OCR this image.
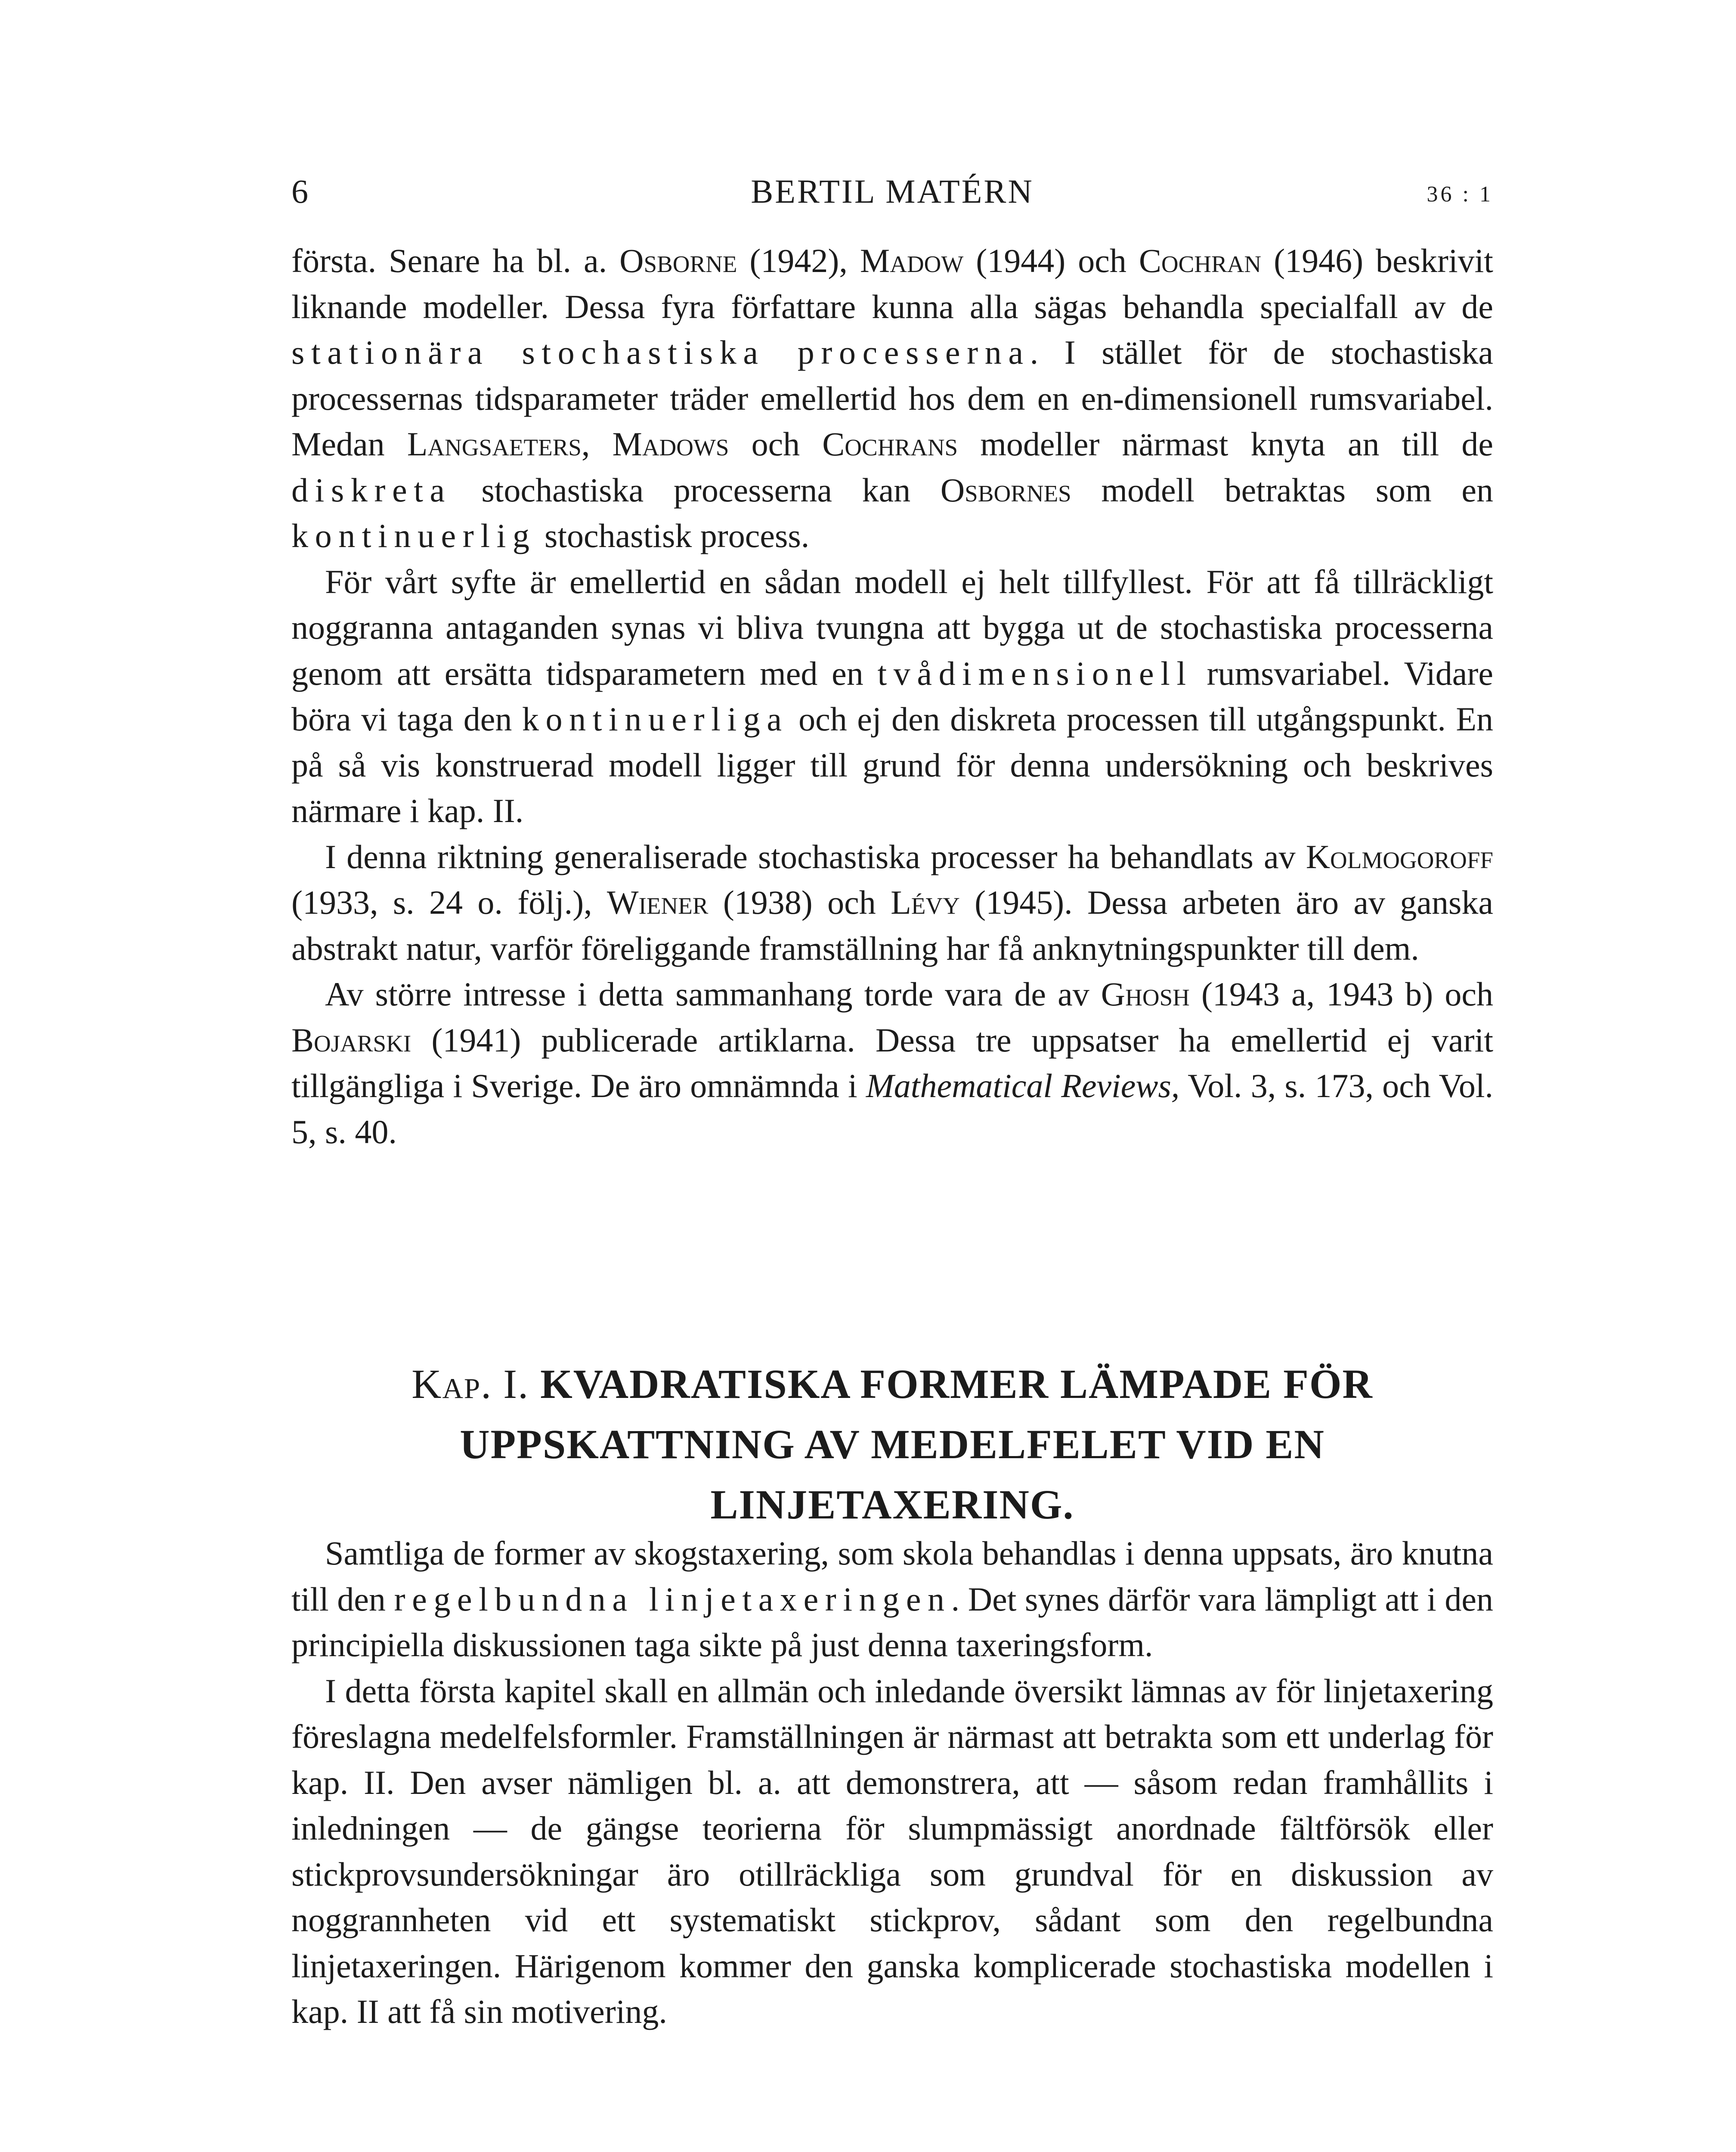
6	BERTIL MATÉRN	36 : 1

första. Senare ha bl. a. Osborne (1942), Madow (1944) och Cochran (1946) beskrivit liknande modeller. Dessa fyra författare kunna alla sägas behandla specialfall av de stationära stochastiska processerna. I stället för de stochastiska processernas tidsparameter träder emellertid hos dem en en-dimensionell rumsvariabel. Medan Langsaeters, Madows och Cochrans modeller närmast knyta an till de diskreta stochastiska processerna kan Osbornes modell betraktas som en kontinuerlig stochastisk process.

För vårt syfte är emellertid en sådan modell ej helt tillfyllest. För att få tillräckligt noggranna antaganden synas vi bliva tvungna att bygga ut de stochastiska processerna genom att ersätta tidsparametern med en tvådimensionell rumsvariabel. Vidare böra vi taga den kontinuerliga och ej den diskreta processen till utgångspunkt. En på så vis konstruerad modell ligger till grund för denna undersökning och beskrives närmare i kap. II.

I denna riktning generaliserade stochastiska processer ha behandlats av Kolmogoroff (1933, s. 24 o. följ.), Wiener (1938) och Lévy (1945). Dessa arbeten äro av ganska abstrakt natur, varför föreliggande framställning har få anknytningspunkter till dem.

Av större intresse i detta sammanhang torde vara de av Ghosh (1943 a, 1943 b) och Bojarski (1941) publicerade artiklarna. Dessa tre uppsatser ha emellertid ej varit tillgängliga i Sverige. De äro omnämnda i Mathematical Reviews, Vol. 3, s. 173, och Vol. 5, s. 40.

Kap. I. KVADRATISKA FORMER LÄMPADE FÖR
UPPSKATTNING AV MEDELFELET VID EN
LINJETAXERING.

Samtliga de former av skogstaxering, som skola behandlas i denna uppsats, äro knutna till den regelbundna linjetaxeringen. Det synes därför vara lämpligt att i den principiella diskussionen taga sikte på just denna taxeringsform.

I detta första kapitel skall en allmän och inledande översikt lämnas av för linjetaxering föreslagna medelfelsformler. Framställningen är närmast att betrakta som ett underlag för kap. II. Den avser nämligen bl. a. att demonstrera, att — såsom redan framhållits i inledningen — de gängse teorierna för slumpmässigt anordnade fältförsök eller stickprovsundersökningar äro otillräckliga som grundval för en diskussion av noggrannheten vid ett systematiskt stickprov, sådant som den regelbundna linjetaxeringen. Härigenom kommer den ganska komplicerade stochastiska modellen i kap. II att få sin motivering.
